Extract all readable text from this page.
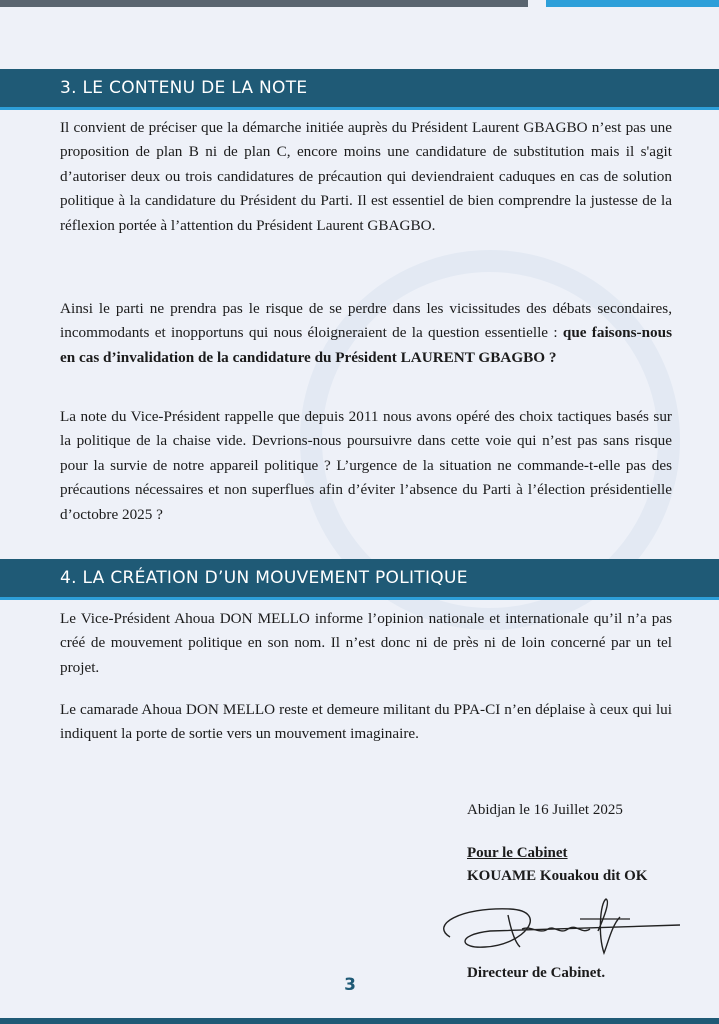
3. LE CONTENU DE LA NOTE

Il convient de préciser que la démarche initiée auprès du Président Laurent GBAGBO n’est pas une proposition de plan B ni de plan C, encore moins une candidature de substitution mais il s'agit d’autoriser deux ou trois candidatures de précaution qui deviendraient caduques en cas de solution politique à la candidature du Président du Parti. Il est essentiel de bien comprendre la justesse de la réflexion portée à l’attention du Président Laurent GBAGBO.

Ainsi le parti ne prendra pas le risque de se perdre dans les vicissitudes des débats secondaires, incommodants et inopportuns qui nous éloigneraient de la question essentielle : que faisons-nous en cas d’invalidation de la candidature du Président LAURENT GBAGBO ?

La note du Vice-Président rappelle que depuis 2011 nous avons opéré des choix tactiques basés sur la politique de la chaise vide. Devrions-nous poursuivre dans cette voie qui n’est pas sans risque pour la survie de notre appareil politique ? L’urgence de la situation ne commande-t-elle pas des précautions nécessaires et non superflues afin d’éviter l’absence du Parti à l’élection présidentielle d’octobre 2025 ?

4. LA CRÉATION D’UN MOUVEMENT POLITIQUE

Le Vice-Président Ahoua DON MELLO informe l’opinion nationale et internationale qu’il n’a pas créé de mouvement politique en son nom. Il n’est donc ni de près ni de loin concerné par un tel projet.

Le camarade Ahoua DON MELLO reste et demeure militant du PPA-CI n’en déplaise à ceux qui lui indiquent la porte de sortie vers un mouvement imaginaire.

Abidjan le 16 Juillet 2025
Pour le Cabinet
KOUAME Kouakou dit OK
Directeur de Cabinet.
3
